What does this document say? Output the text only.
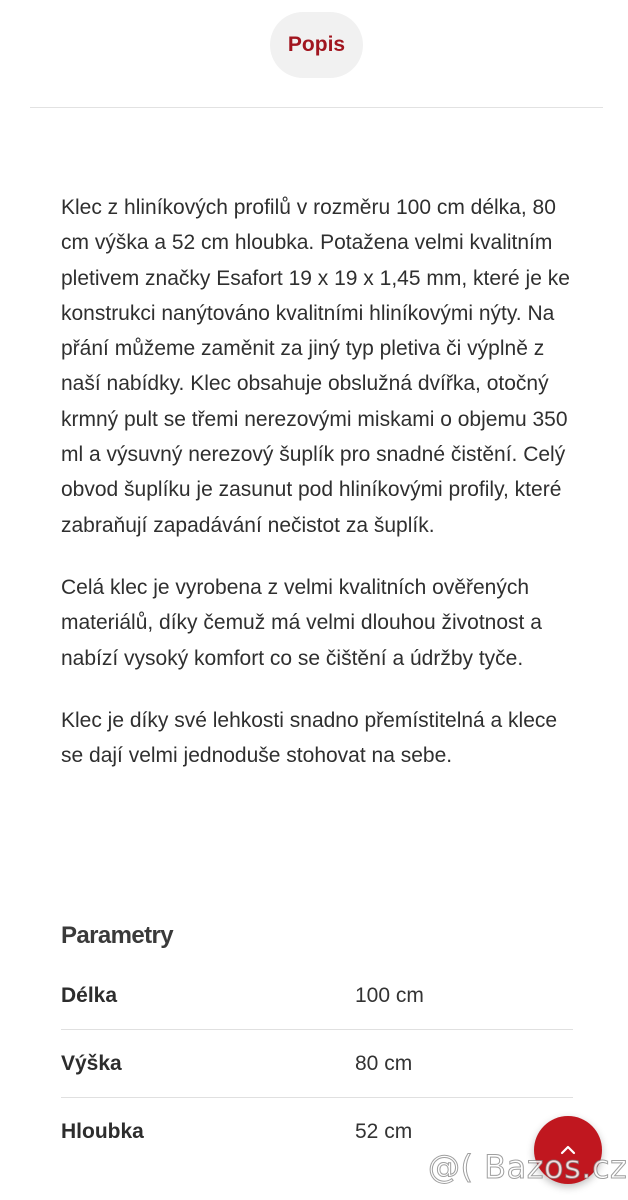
Popis

Klec z hliníkových profilů v rozměru 100 cm délka, 80 cm výška a 52 cm hloubka. Potažena velmi kvalitním pletivem značky Esafort 19 x 19 x 1,45 mm, které je ke konstrukci nanýtováno kvalitními hliníkovými nýty. Na přání můžeme zaměnit za jiný typ pletiva či výplně z naší nabídky. Klec obsahuje obslužná dvířka, otočný krmný pult se třemi nerezovými miskami o objemu 350 ml a výsuvný nerezový šuplík pro snadné čistění. Celý obvod šuplíku je zasunut pod hliníkovými profily, které zabraňují zapadávání nečistot za šuplík.

Celá klec je vyrobena z velmi kvalitních ověřených materiálů, díky čemuž má velmi dlouhou životnost a nabízí vysoký komfort co se čištění a údržby tyče.

Klec je díky své lehkosti snadno přemístitelná a klece se dají velmi jednoduše stohovat na sebe.

Parametry
Délka	100 cm
Výška	80 cm
Hloubka	52 cm
@( Bazos.cz
